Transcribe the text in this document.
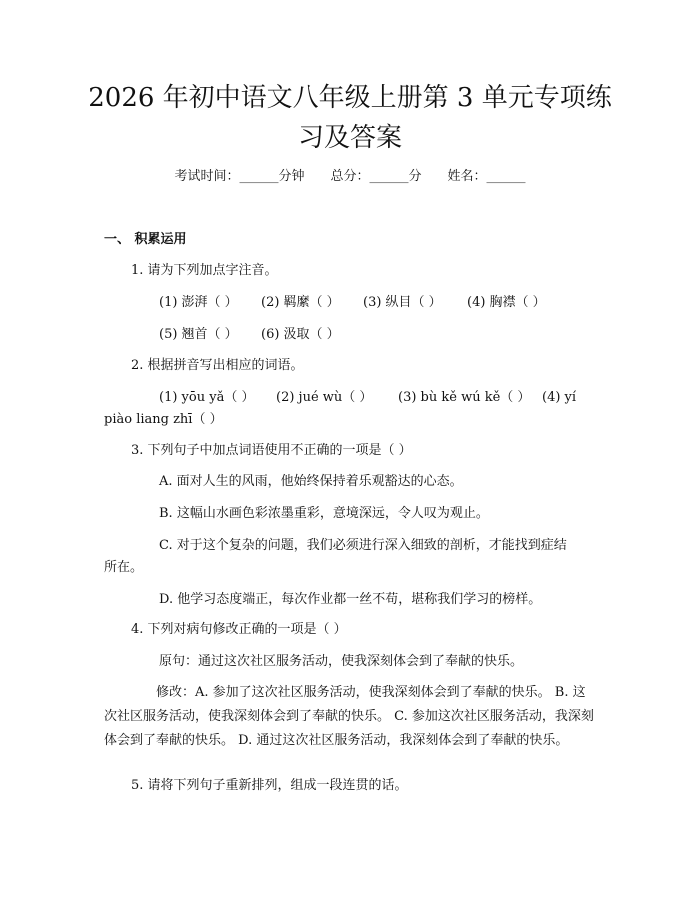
2026 年初中语文八年级上册第 3 单元专项练
习及答案
考试时间：______分钟 总分：______分 姓名：______
一、 积累运用
1. 请为下列加点字注音。
(1) 澎湃（ ） (2) 羁縻（ ） (3) 纵目（ ） (4) 胸襟（ ）
(5) 翘首（ ） (6) 汲取（ ）
2. 根据拼音写出相应的词语。
(1) yōu yǎ（ ） (2) jué wù（ ） (3) bù kě wú kě（ ） (4) yí
piào liang zhī（ ）
3. 下列句子中加点词语使用不正确的一项是（ ）
A. 面对人生的风雨，他始终保持着乐观豁达的心态。
B. 这幅山水画色彩浓墨重彩，意境深远，令人叹为观止。
C. 对于这个复杂的问题，我们必须进行深入细致的剖析，才能找到症结
所在。
D. 他学习态度端正，每次作业都一丝不苟，堪称我们学习的榜样。
4. 下列对病句修改正确的一项是（ ）
原句：通过这次社区服务活动，使我深刻体会到了奉献的快乐。
修改：A. 参加了这次社区服务活动，使我深刻体会到了奉献的快乐。 B. 这次社区服务活动，使我深刻体会到了奉献的快乐。 C. 参加这次社区服务活动，我深刻体会到了奉献的快乐。 D. 通过这次社区服务活动，我深刻体会到了奉献的快乐。
5. 请将下列句子重新排列，组成一段连贯的话。
